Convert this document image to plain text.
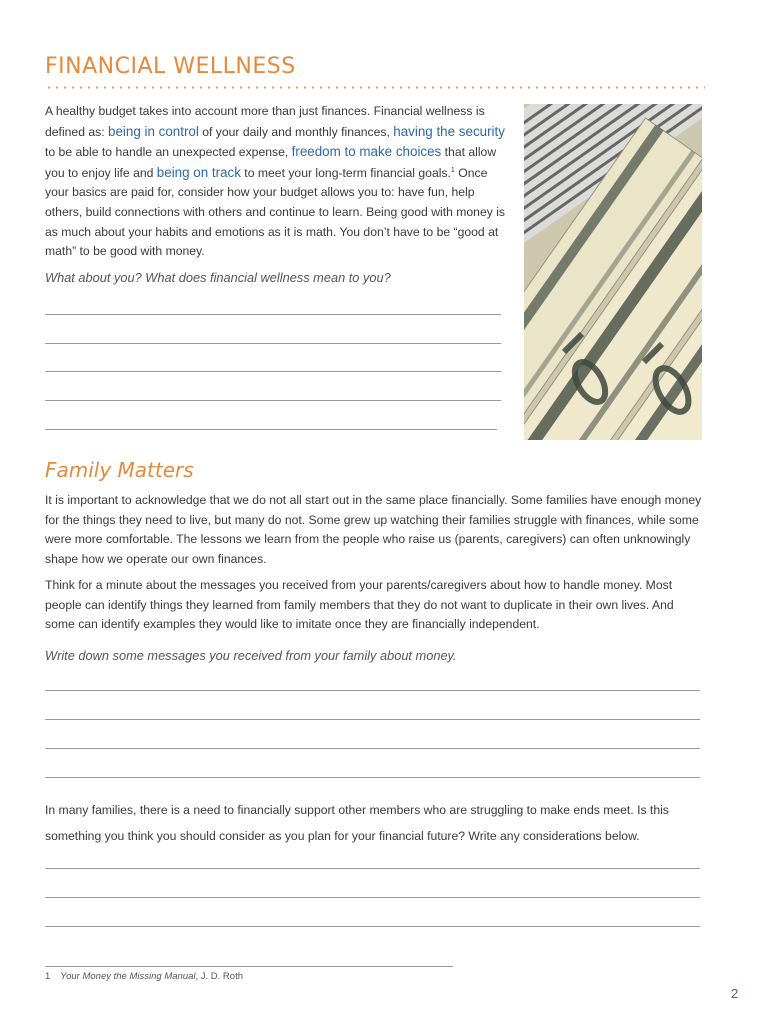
FINANCIAL WELLNESS

A healthy budget takes into account more than just finances. Financial wellness is defined as: being in control of your daily and monthly finances, having the security to be able to handle an unexpected expense, freedom to make choices that allow you to enjoy life and being on track to meet your long-term financial goals.$^1$ Once your basics are paid for, consider how your budget allows you to: have fun, help others, build connections with others and continue to learn. Being good with money is as much about your habits and emotions as it is math. You don’t have to be “good at math” to be good with money.

What about you? What does financial wellness mean to you?

Family Matters

It is important to acknowledge that we do not all start out in the same place financially. Some families have enough money for the things they need to live, but many do not. Some grew up watching their families struggle with finances, while some were more comfortable. The lessons we learn from the people who raise us (parents, caregivers) can often unknowingly shape how we operate our own finances.

Think for a minute about the messages you received from your parents/caregivers about how to handle money. Most people can identify things they learned from family members that they do not want to duplicate in their own lives. And some can identify examples they would like to imitate once they are financially independent.

Write down some messages you received from your family about money.

In many families, there is a need to financially support other members who are struggling to make ends meet. Is this something you think you should consider as you plan for your financial future? Write any considerations below.

1 Your Money the Missing Manual, J. D. Roth

2
